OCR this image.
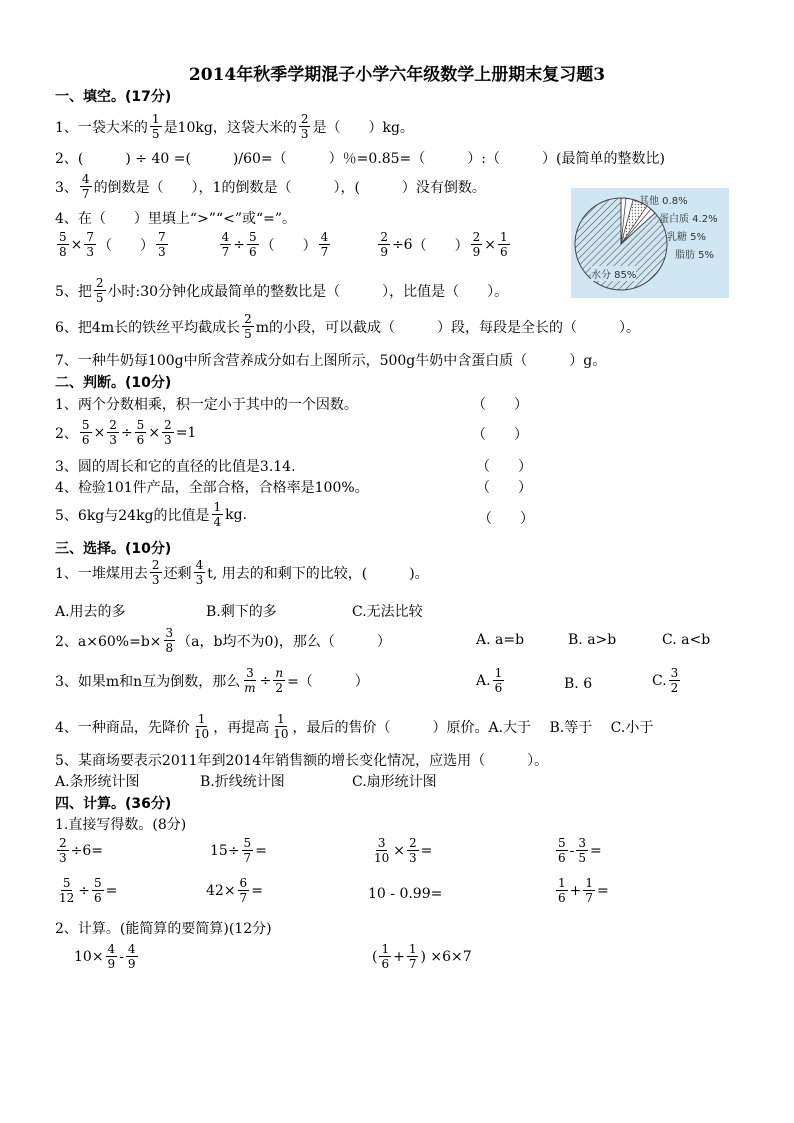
2014年秋季学期混子小学六年级数学上册期末复习题3
一、填空。(17分)
1、一袋大米的 $\frac{1}{5}$ 是10kg，这袋大米的 $\frac{2}{3}$ 是（　　）kg。
2、(　　　) ÷ 40 =(　　　)/60=（　　　）％=0.85=（　　　）:（　　　）(最简单的整数比)
3、 $\frac{4}{7}$ 的倒数是（　　），1的倒数是（　　　），(　　　）没有倒数。
4、在（　　）里填上“>”“<”或“=”。
$\frac{5}{8} \times \frac{7}{3}$ （　　） $\frac{7}{3}$	$\frac{4}{7} \div \frac{5}{6}$ （　　） $\frac{4}{7}$	$\frac{2}{9} \div 6$ （　　） $\frac{2}{9} \times \frac{1}{6}$
5、把 $\frac{2}{5}$ 小时:30分钟化成最简单的整数比是（　　　），比值是（　　）。
6、把4m长的铁丝平均截成长 $\frac{2}{5}$ m的小段，可以截成（　　　）段，每段是全长的（　　　）。
7、一种牛奶每100g中所含营养成分如右上图所示，500g牛奶中含蛋白质（　　　）g。
其他 0.8%
蛋白质 4.2%
乳糖 5%
脂肪 5%
水分 85%
二、判断。(10分)
1、两个分数相乘，积一定小于其中的一个因数。	（　　）
2、 $\frac{5}{6} \times \frac{2}{3} \div \frac{5}{6} \times \frac{2}{3} =1$	（　　）
3、圆的周长和它的直径的比值是3.14.	（　　）
4、检验101件产品，全部合格，合格率是100%。	（　　）
5、6kg与24kg的比值是 $\frac{1}{4}$ kg.	（　　）
三、选择。(10分)
1、一堆煤用去 $\frac{2}{3}$ 还剩 $\frac{4}{3} t$, 用去的和剩下的比较，(　　　)。
A.用去的多	B.剩下的多	C.无法比较
2、$a\times 60\%=b\times \frac{3}{8} (a$，b均不为0)，那么（　　　）	A. a=b	B. a>b	C. a<b
3、如果m和n互为倒数，那么 $\frac{3}{m} \div \frac{n}{2}$ =（　　　）	A. $\frac{1}{6}$	B. 6	C. $\frac{3}{2}$
4、一种商品，先降价 $\frac{1}{10}$ ，再提高 $\frac{1}{10}$ ，最后的售价（　　　）原价。A.大于　 B.等于　 C.小于
5、某商场要表示2011年到2014年销售额的增长变化情况，应选用（　　　）。
A.条形统计图	B.折线统计图	C.扇形统计图
四、计算。(36分)
1.直接写得数。(8分)
$\frac{2}{3} \div 6=$	$15\div \frac{5}{7}$ =	$\frac{3}{10} \times \frac{2}{3}$ =	$\frac{5}{6} - \frac{3}{5}$ =
$\frac{5}{12} \div \frac{5}{6}$ =	$42\times \frac{6}{7}$ =	10 - 0.99=	$\frac{1}{6} + \frac{1}{7}$ =
2、计算。(能简算的要简算)(12分)
$10\times \frac{4}{9} - \frac{4}{9}$	( $\frac{1}{6} + \frac{1}{7}$ ) ×6×7
